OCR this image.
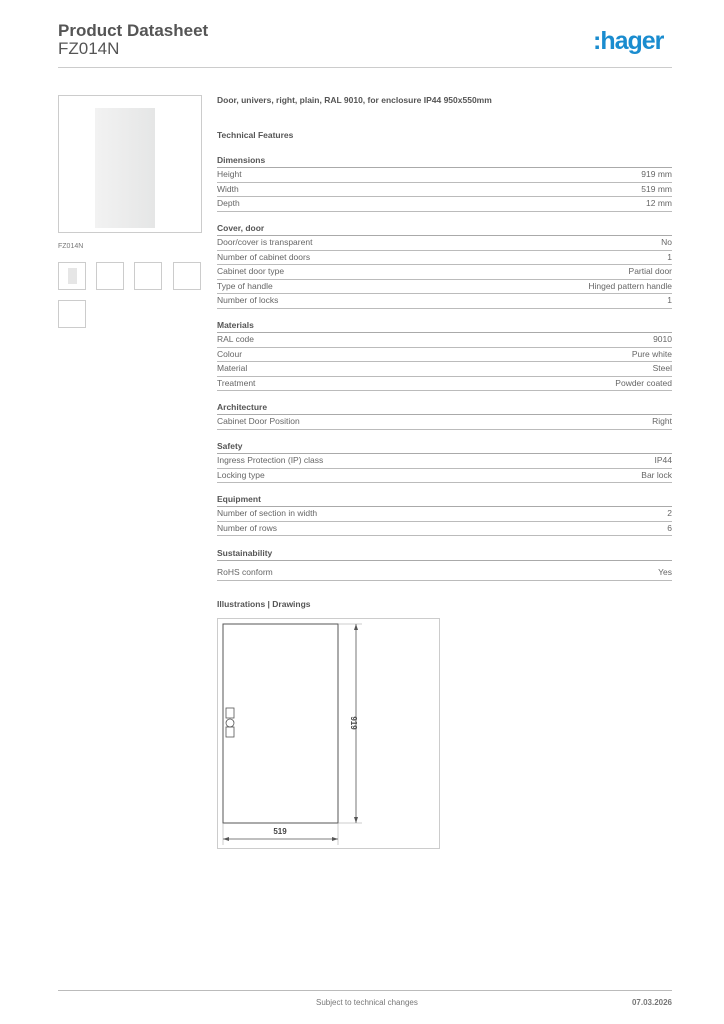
Product Datasheet
FZ014N	:hager
FZ014N
Door, univers, right, plain, RAL 9010, for enclosure IP44 950x550mm
Technical Features
Dimensions
Height	919 mm
Width	519 mm
Depth	12 mm
Cover, door
Door/cover is transparent	No
Number of cabinet doors	1
Cabinet door type	Partial door
Type of handle	Hinged pattern handle
Number of locks	1
Materials
RAL code	9010
Colour	Pure white
Material	Steel
Treatment	Powder coated
Architecture
Cabinet Door Position	Right
Safety
Ingress Protection (IP) class	IP44
Locking type	Bar lock
Equipment
Number of section in width	2
Number of rows	6
Sustainability
RoHS conform	Yes
Illustrations | Drawings
919
519
Subject to technical changes	07.03.2026
